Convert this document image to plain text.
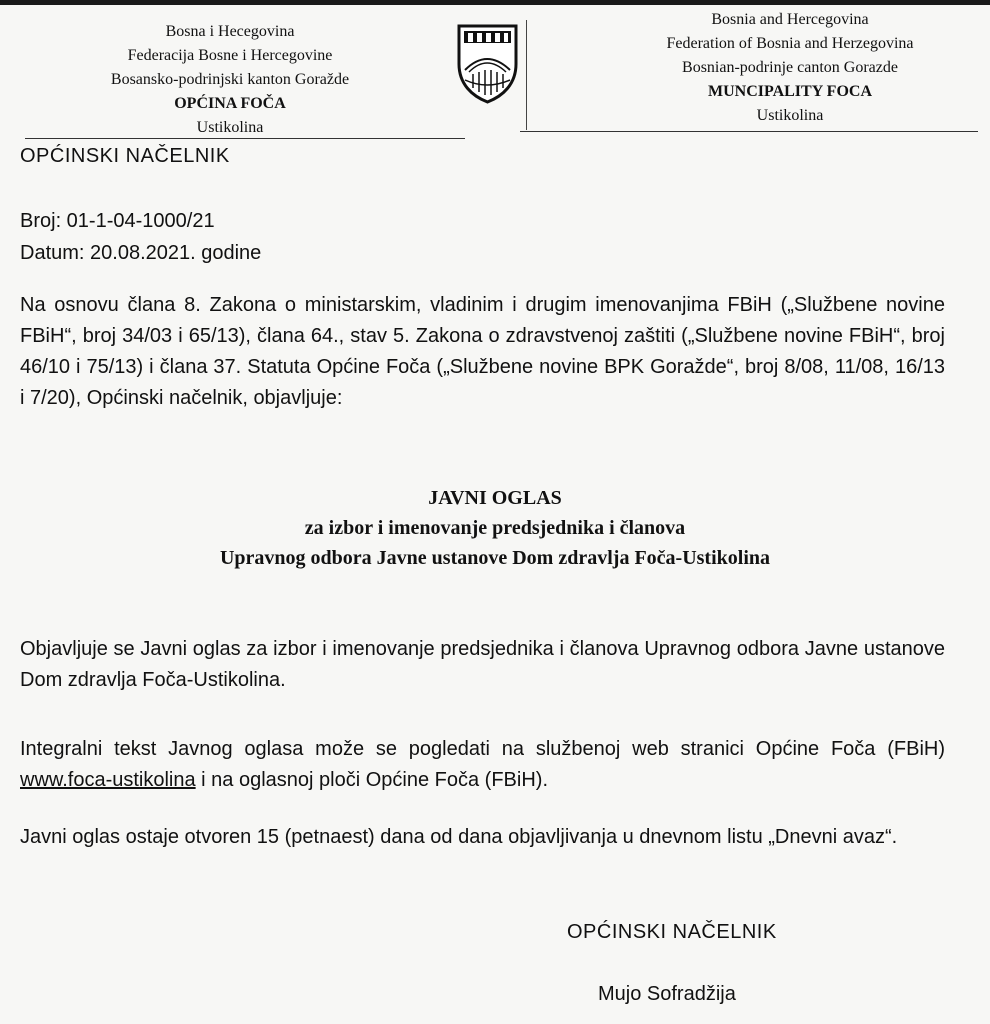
Bosna i Hecegovina
Federacija Bosne i Hercegovine
Bosansko-podrinjski kanton Goražde
OPĆINA FOČA
Ustikolina
Bosnia and Hercegovina
Federation of Bosnia and Herzegovina
Bosnian-podrinje canton Gorazde
MUNCIPALITY FOCA
Ustikolina
OPĆINSKI NAČELNIK
Broj: 01-1-04-1000/21
Datum: 20.08.2021. godine
Na osnovu člana 8. Zakona o ministarskim, vladinim i drugim imenovanjima FBiH („Službene novine FBiH“, broj 34/03 i 65/13), člana 64., stav 5. Zakona o zdravstvenoj zaštiti („Službene novine FBiH“, broj 46/10 i 75/13) i člana 37. Statuta Općine Foča („Službene novine BPK Goražde“, broj 8/08, 11/08, 16/13 i 7/20), Općinski načelnik, objavljuje:
JAVNI OGLAS
za izbor i imenovanje predsjednika i članova
Upravnog odbora Javne ustanove Dom zdravlja Foča-Ustikolina
Objavljuje se Javni oglas za izbor i imenovanje predsjednika i članova Upravnog odbora Javne ustanove Dom zdravlja Foča-Ustikolina.
Integralni tekst Javnog oglasa može se pogledati na službenoj web stranici Općine Foča (FBiH) www.foca-ustikolina i na oglasnoj ploči Općine Foča (FBiH).
Javni oglas ostaje otvoren 15 (petnaest) dana od dana objavljivanja u dnevnom listu „Dnevni avaz“.
OPĆINSKI NAČELNIK
Mujo Sofradžija
